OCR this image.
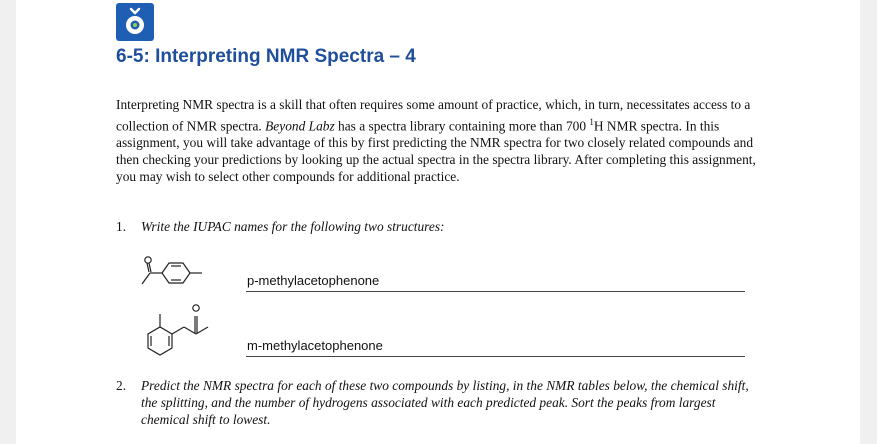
6-5: Interpreting NMR Spectra – 4
Interpreting NMR spectra is a skill that often requires some amount of practice, which, in turn, necessitates access to a collection of NMR spectra. Beyond Labz has a spectra library containing more than 700 $^1$H NMR spectra. In this assignment, you will take advantage of this by first predicting the NMR spectra for two closely related compounds and then checking your predictions by looking up the actual spectra in the spectra library. After completing this assignment, you may wish to select other compounds for additional practice.
1. Write the IUPAC names for the following two structures:
p-methylacetophenone
m-methylacetophenone
2. Predict the NMR spectra for each of these two compounds by listing, in the NMR tables below, the chemical shift, the splitting, and the number of hydrogens associated with each predicted peak. Sort the peaks from largest chemical shift to lowest.
